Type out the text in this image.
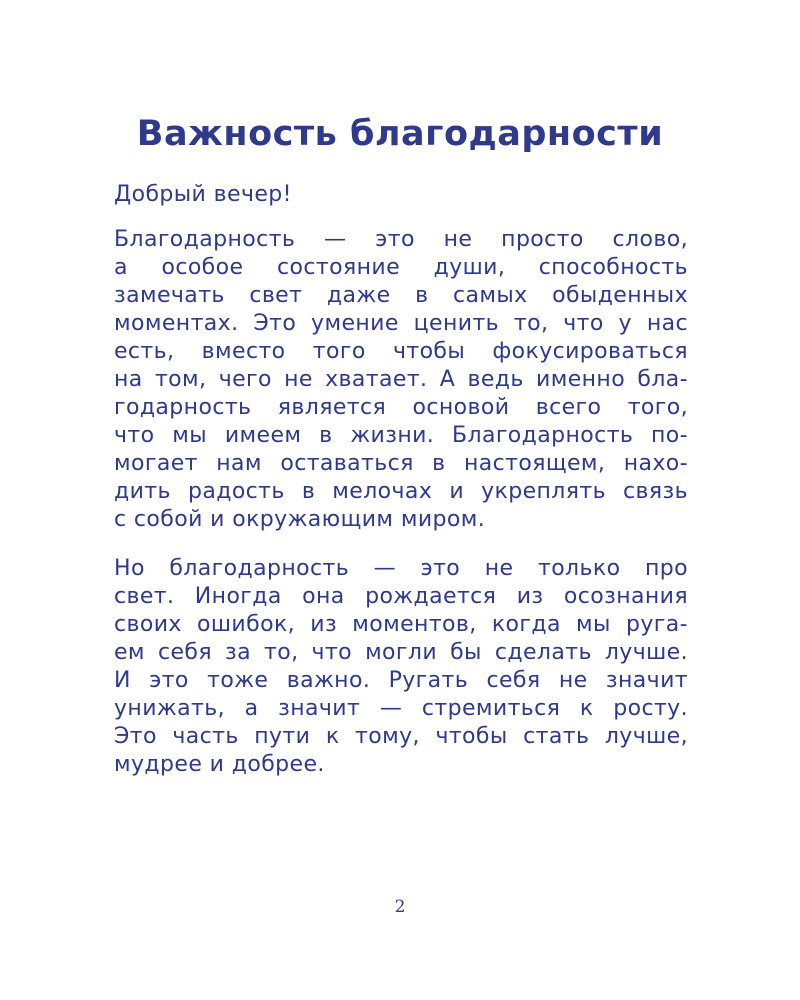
Важность благодарности

Добрый вечер!

Благодарность — это не просто слово,
а особое состояние души, способность
замечать свет даже в самых обыденных
моментах. Это умение ценить то, что у нас
есть, вместо того чтобы фокусироваться
на том, чего не хватает. А ведь именно бла-
годарность является основой всего того,
что мы имеем в жизни. Благодарность по-
могает нам оставаться в настоящем, нахо-
дить радость в мелочах и укреплять связь
с собой и окружающим миром.
Но благодарность — это не только про
свет. Иногда она рождается из осознания
своих ошибок, из моментов, когда мы руга-
ем себя за то, что могли бы сделать лучше.
И это тоже важно. Ругать себя не значит
унижать, а значит — стремиться к росту.
Это часть пути к тому, чтобы стать лучше,
мудрее и добрее.
2
